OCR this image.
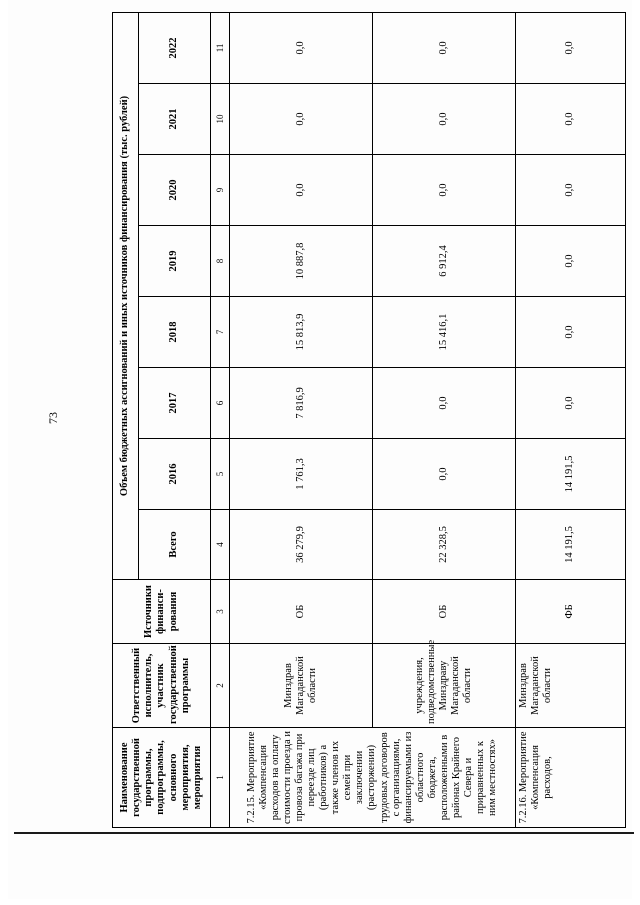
73
Наименование государственной программы, подпрограммы, основного мероприятия, мероприятия	Ответственный исполнитель, участник государственной программы	Источники финанси-рования	Объем бюджетных ассигнований и иных источников финансирования (тыс. рублей)							
			Всего	2016	2017	2018	2019	2020	2021	2022
1	2	3	4	5	6	7	8	9	10	11
7.2.15. Мероприятие «Компенсация расходов на оплату стоимости проезда и провоза багажа при переезде лиц (работников) а также членов их семей при заключении (расторжении) трудовых договоров с организациями, финансируемыми из областного бюджета, расположенными в районах Крайнего Севера и приравненных к ним местностях»	Минздрав Магаданской области	ОБ	36 279,9	1 761,3	7 816,9	15 813,9	10 887,8	0,0	0,0	0,0
	учреждения, подведомственные Минздраву Магаданской области	ОБ	22 328,5	0,0	0,0	15 416,1	6 912,4	0,0	0,0	0,0
7.2.16. Мероприятие «Компенсация расходов,	Минздрав Магаданской области	ФБ	14 191,5	14 191,5	0,0	0,0	0,0	0,0	0,0	0,0
